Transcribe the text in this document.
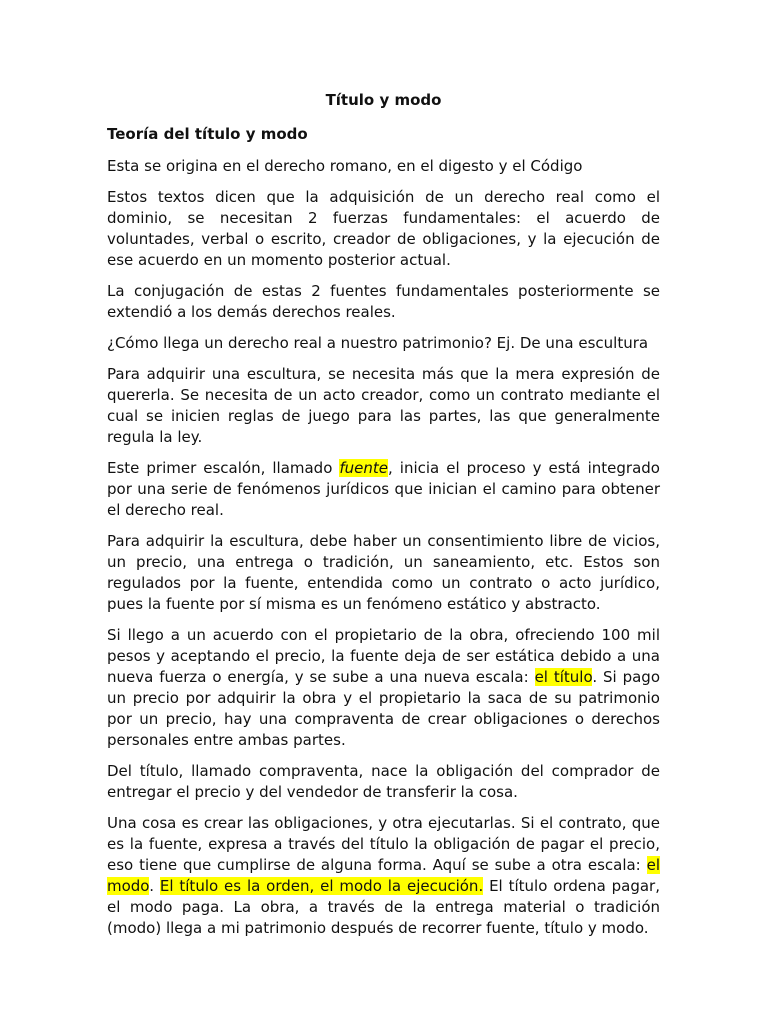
Título y modo
Teoría del título y modo

Esta se origina en el derecho romano, en el digesto y el Código

Estos textos dicen que la adquisición de un derecho real como el dominio, se necesitan 2 fuerzas fundamentales: el acuerdo de voluntades, verbal o escrito, creador de obligaciones, y la ejecución de ese acuerdo en un momento posterior actual.

La conjugación de estas 2 fuentes fundamentales posteriormente se extendió a los demás derechos reales.

¿Cómo llega un derecho real a nuestro patrimonio? Ej. De una escultura

Para adquirir una escultura, se necesita más que la mera expresión de quererla. Se necesita de un acto creador, como un contrato mediante el cual se inicien reglas de juego para las partes, las que generalmente regula la ley.

Este primer escalón, llamado fuente, inicia el proceso y está integrado por una serie de fenómenos jurídicos que inician el camino para obtener el derecho real.

Para adquirir la escultura, debe haber un consentimiento libre de vicios, un precio, una entrega o tradición, un saneamiento, etc. Estos son regulados por la fuente, entendida como un contrato o acto jurídico, pues la fuente por sí misma es un fenómeno estático y abstracto.

Si llego a un acuerdo con el propietario de la obra, ofreciendo 100 mil pesos y aceptando el precio, la fuente deja de ser estática debido a una nueva fuerza o energía, y se sube a una nueva escala: el título. Si pago un precio por adquirir la obra y el propietario la saca de su patrimonio por un precio, hay una compraventa de crear obligaciones o derechos personales entre ambas partes.

Del título, llamado compraventa, nace la obligación del comprador de entregar el precio y del vendedor de transferir la cosa.

Una cosa es crear las obligaciones, y otra ejecutarlas. Si el contrato, que es la fuente, expresa a través del título la obligación de pagar el precio, eso tiene que cumplirse de alguna forma. Aquí se sube a otra escala: el modo. El título es la orden, el modo la ejecución. El título ordena pagar, el modo paga. La obra, a través de la entrega material o tradición (modo) llega a mi patrimonio después de recorrer fuente, título y modo.
